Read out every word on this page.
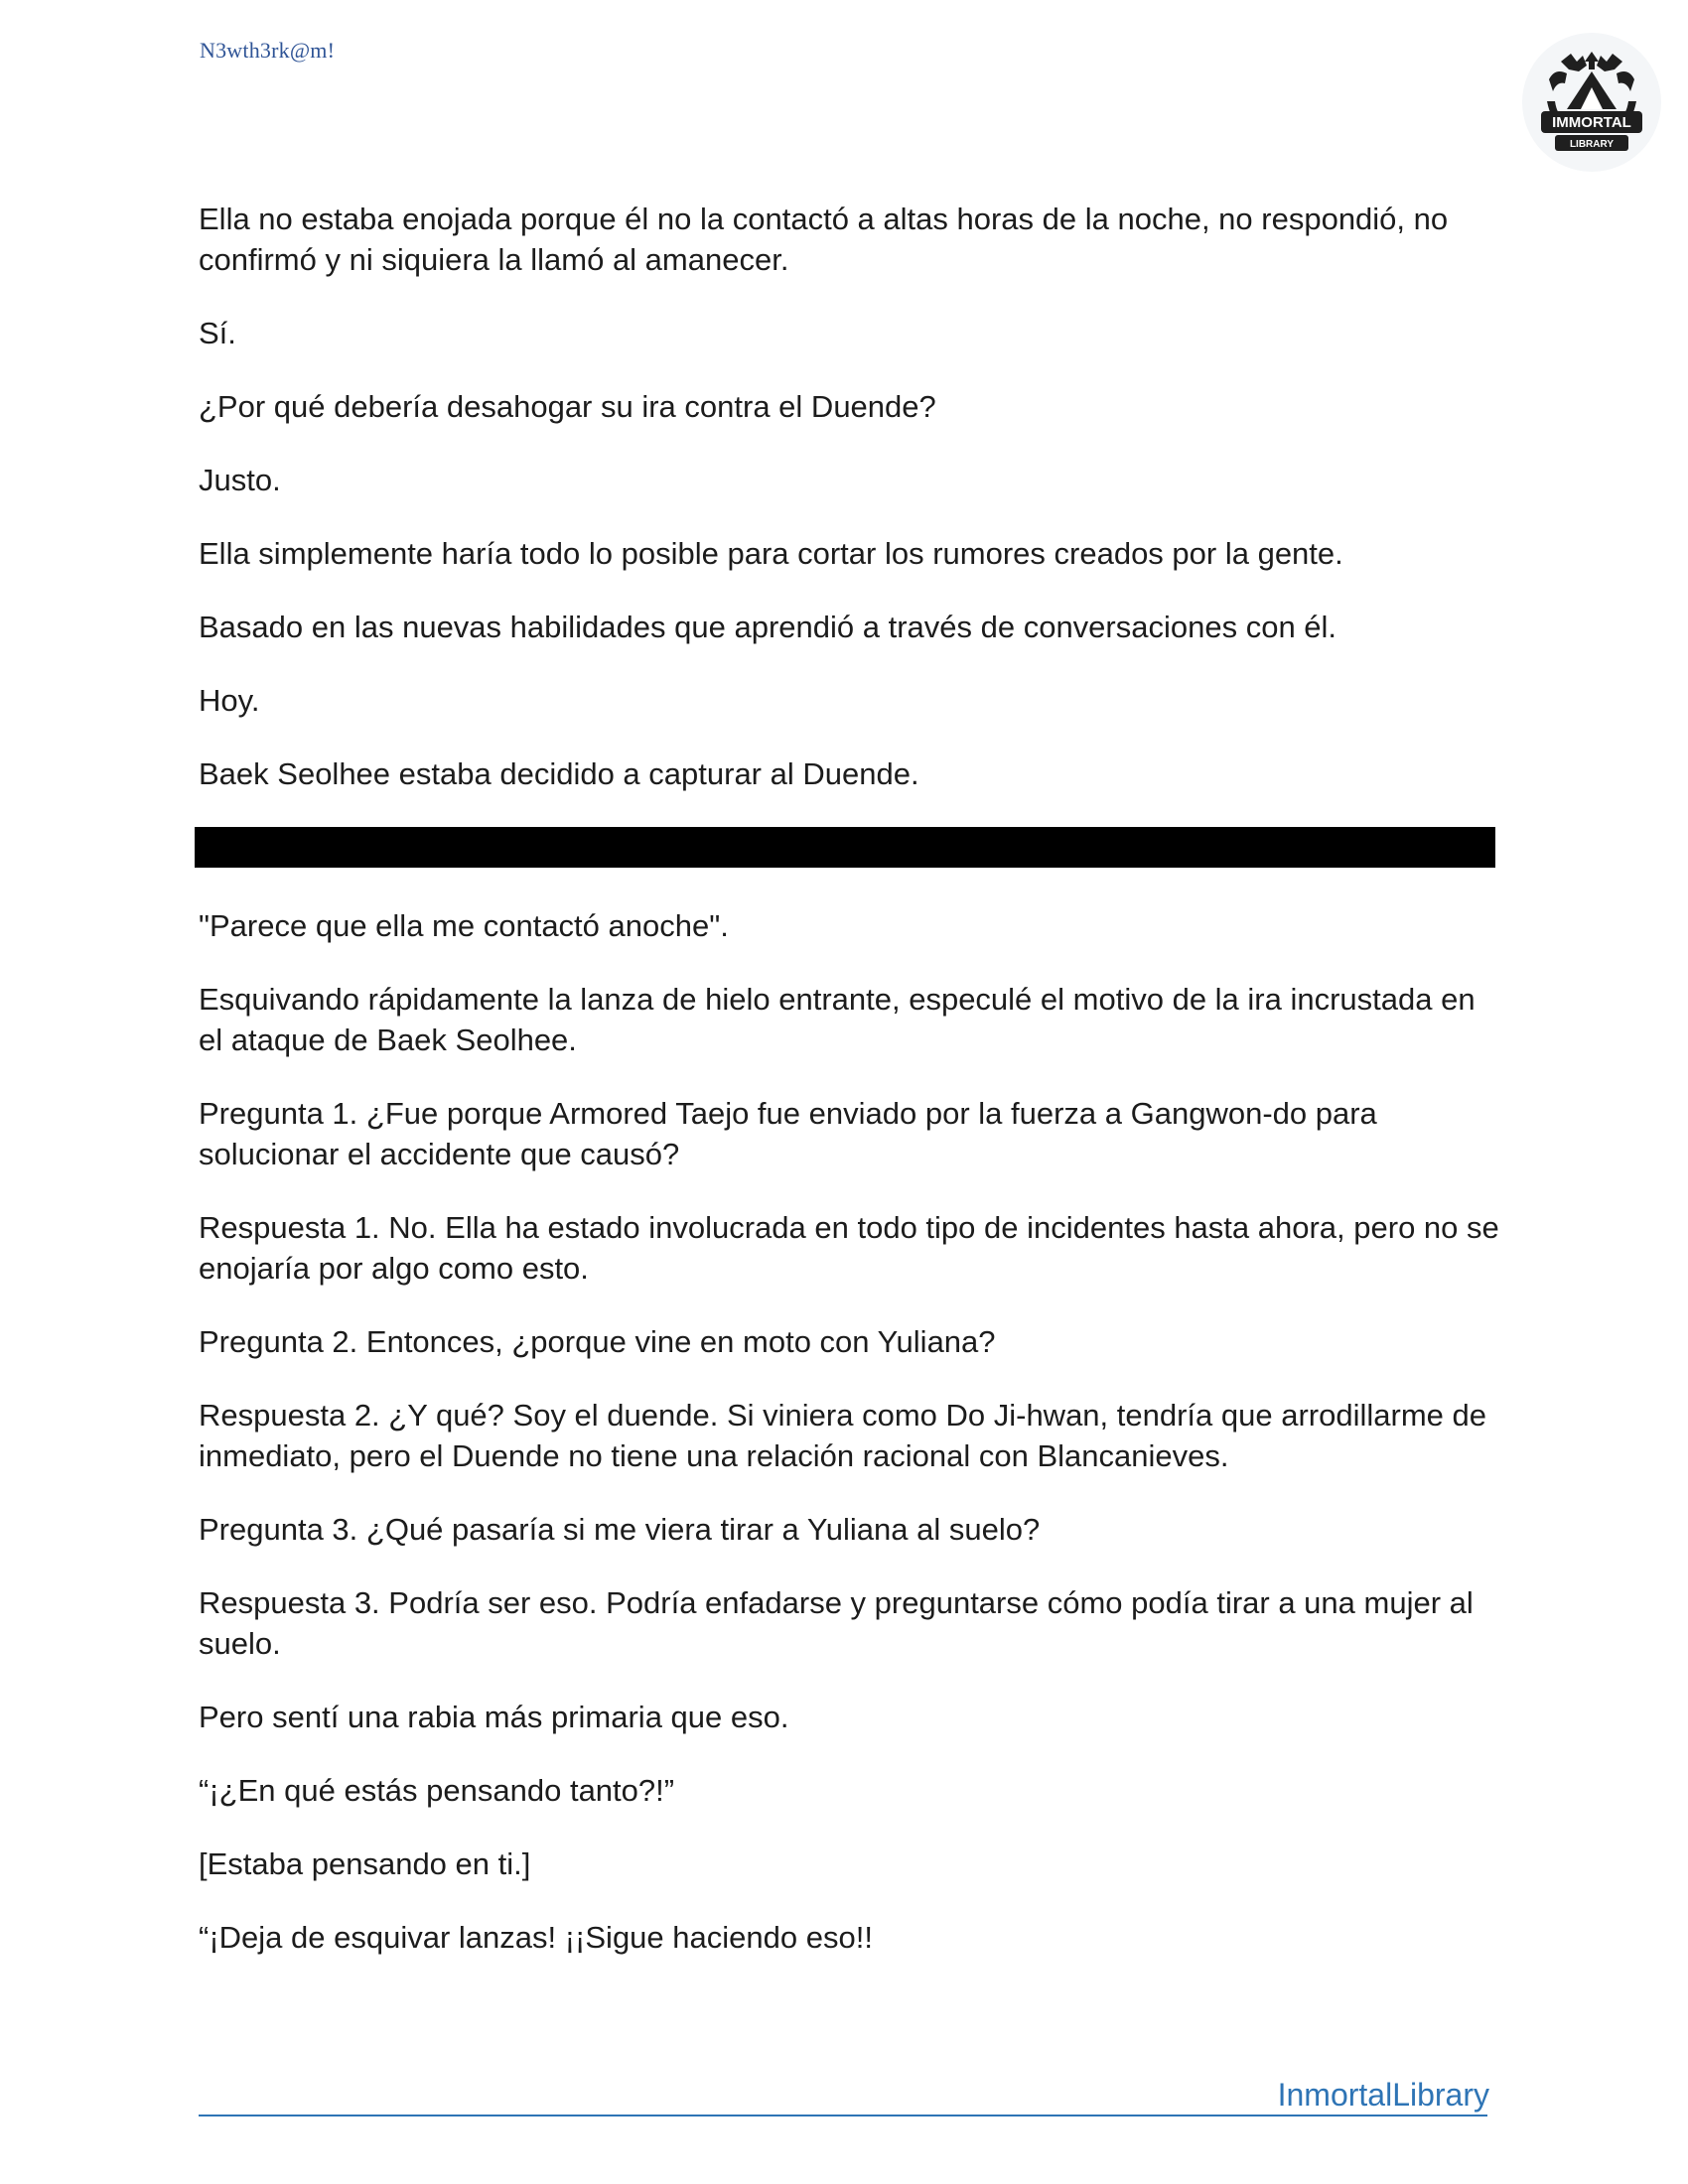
N3wth3rk@m!
IMMORTAL
LIBRARY

Ella no estaba enojada porque él no la contactó a altas horas de la noche, no respondió, no confirmó y ni siquiera la llamó al amanecer.

Sí.

¿Por qué debería desahogar su ira contra el Duende?

Justo.

Ella simplemente haría todo lo posible para cortar los rumores creados por la gente.

Basado en las nuevas habilidades que aprendió a través de conversaciones con él.

Hoy.

Baek Seolhee estaba decidido a capturar al Duende.

"Parece que ella me contactó anoche".

Esquivando rápidamente la lanza de hielo entrante, especulé el motivo de la ira incrustada en el ataque de Baek Seolhee.

Pregunta 1. ¿Fue porque Armored Taejo fue enviado por la fuerza a Gangwon-do para solucionar el accidente que causó?

Respuesta 1. No. Ella ha estado involucrada en todo tipo de incidentes hasta ahora, pero no se enojaría por algo como esto.

Pregunta 2. Entonces, ¿porque vine en moto con Yuliana?

Respuesta 2. ¿Y qué? Soy el duende. Si viniera como Do Ji-hwan, tendría que arrodillarme de inmediato, pero el Duende no tiene una relación racional con Blancanieves.

Pregunta 3. ¿Qué pasaría si me viera tirar a Yuliana al suelo?

Respuesta 3. Podría ser eso. Podría enfadarse y preguntarse cómo podía tirar a una mujer al suelo.

Pero sentí una rabia más primaria que eso.

“¡¿En qué estás pensando tanto?!”

[Estaba pensando en ti.]

“¡Deja de esquivar lanzas! ¡¡Sigue haciendo eso!!

InmortalLibrary
